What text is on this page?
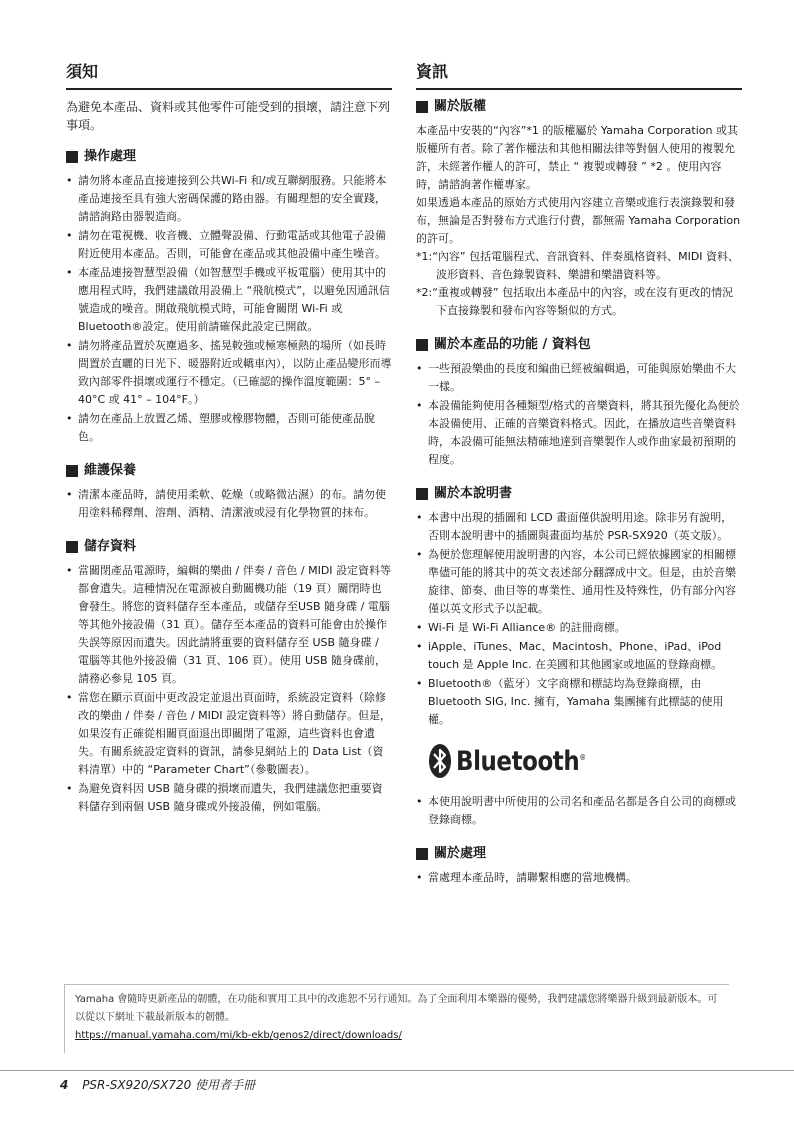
須知

為避免本產品、資料或其他零件可能受到的損壞，請注意下列事項。

操作處理
• 請勿將本產品直接連接到公共Wi-Fi 和/或互聯網服務。只能將本產品連接至具有強大密碼保護的路由器。有關理想的安全實踐，請諮詢路由器製造商。
• 請勿在電視機、收音機、立體聲設備、行動電話或其他電子設備附近使用本產品。否則，可能會在產品或其他設備中產生噪音。
• 本產品連接智慧型設備（如智慧型手機或平板電腦）使用其中的應用程式時，我們建議啟用設備上 “飛航模式”，以避免因通訊信號造成的噪音。開啟飛航模式時，可能會關閉 Wi-Fi 或 Bluetooth®設定。使用前請確保此設定已開啟。
• 請勿將產品置於灰塵過多、搖晃較強或極寒極熱的場所（如長時間置於直曬的日光下、暖器附近或轎車內），以防止產品變形而導致內部零件損壞或運行不穩定。（已確認的操作溫度範圍：5° – 40°C 或 41° – 104°F。）
• 請勿在產品上放置乙烯、塑膠或橡膠物體，否則可能使產品脫色。
維護保養
• 清潔本產品時，請使用柔軟、乾燥（或略微沾濕）的布。請勿使用塗料稀釋劑、溶劑、酒精、清潔液或浸有化學物質的抹布。
儲存資料
• 當關閉產品電源時，編輯的樂曲 / 伴奏 / 音色 / MIDI 設定資料等都會遺失。這種情況在電源被自動關機功能（19 頁）關閉時也會發生。將您的資料儲存至本產品，或儲存至USB 隨身碟 / 電腦等其他外接設備（31 頁）。儲存至本產品的資料可能會由於操作失誤等原因而遺失。因此請將重要的資料儲存至 USB 隨身碟 / 電腦等其他外接設備（31 頁、106 頁）。使用 USB 隨身碟前，請務必參見 105 頁。
• 當您在顯示頁面中更改設定並退出頁面時，系統設定資料（除修改的樂曲 / 伴奏 / 音色 / MIDI 設定資料等）將自動儲存。但是，如果沒有正確從相關頁面退出即關閉了電源，這些資料也會遺失。有關系統設定資料的資訊，請參見網站上的 Data List（資料清單）中的 “Parameter Chart”（參數圖表）。
• 為避免資料因 USB 隨身碟的損壞而遺失，我們建議您把重要資料儲存到兩個 USB 隨身碟或外接設備，例如電腦。
資訊
關於版權

本產品中安裝的“內容”*1 的版權屬於 Yamaha Corporation 或其版權所有者。除了著作權法和其他相關法律等對個人使用的複製允許，未經著作權人的許可，禁止 “ 複製或轉發 ” *2 。使用內容時，請諮詢著作權專家。

如果透過本產品的原始方式使用內容建立音樂或進行表演錄製和發布，無論是否對發布方式進行付費，都無需 Yamaha Corporation 的許可。

*1:“內容” 包括電腦程式、音訊資料、伴奏風格資料、MIDI 資料、波形資料、音色錄製資料、樂譜和樂譜資料等。

*2:“重複或轉發” 包括取出本產品中的內容，或在沒有更改的情況下直接錄製和發布內容等類似的方式。

關於本產品的功能 / 資料包
• 一些預設樂曲的長度和編曲已經被編輯過，可能與原始樂曲不大一樣。
• 本設備能夠使用各種類型/格式的音樂資料，將其預先優化為便於本設備使用、正確的音樂資料格式。因此，在播放這些音樂資料時，本設備可能無法精確地達到音樂製作人或作曲家最初預期的程度。
關於本說明書
• 本書中出現的插圖和 LCD 畫面僅供說明用途。除非另有說明，否則本說明書中的插圖與畫面均基於 PSR-SX920（英文版）。
• 為便於您理解使用說明書的內容，本公司已經依據國家的相關標準儘可能的將其中的英文表述部分翻譯成中文。但是，由於音樂旋律、節奏、曲目等的專業性、通用性及特殊性，仍有部分內容僅以英文形式予以記載。
• Wi-Fi 是 Wi-Fi Alliance® 的註冊商標。
• iApple、iTunes、Mac、Macintosh、Phone、iPad、iPod touch 是 Apple Inc. 在美國和其他國家或地區的登錄商標。
• Bluetooth®（藍牙）文字商標和標誌均為登錄商標，由Bluetooth SIG, Inc. 擁有，Yamaha 集團擁有此標誌的使用權。
Bluetooth®
• 本使用說明書中所使用的公司名和產品名都是各自公司的商標或登錄商標。
關於處理
• 當處理本產品時，請聯繫相應的當地機構。

Yamaha 會隨時更新產品的韌體，在功能和實用工具中的改進恕不另行通知。為了全面利用本樂器的優勢，我們建議您將樂器升級到最新版本。可以從以下網址下載最新版本的韌體。

https://manual.yamaha.com/mi/kb-ekb/genos2/direct/downloads/
4 PSR-SX920/SX720 使用者手冊
